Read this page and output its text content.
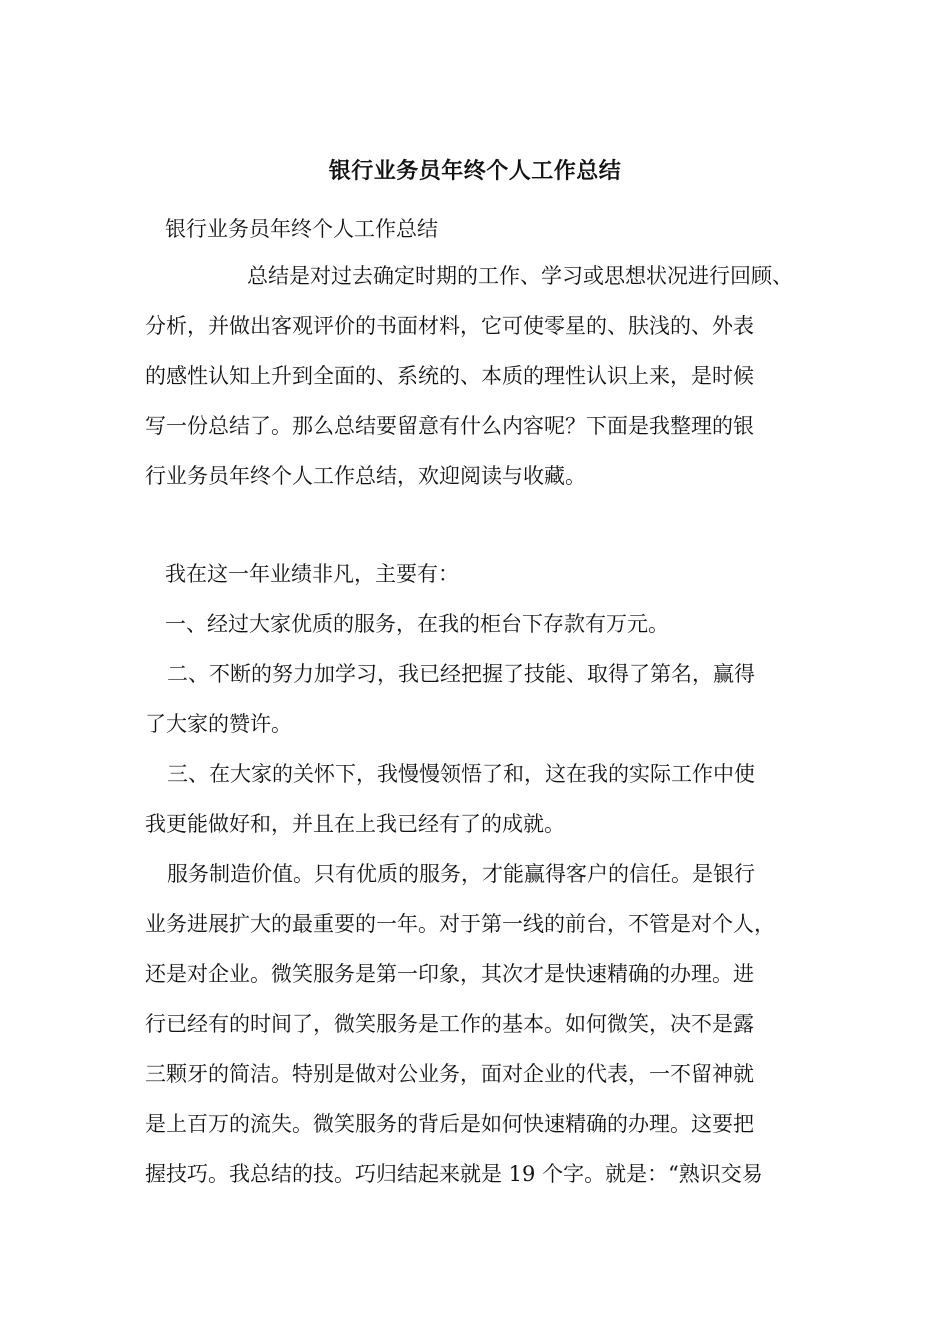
银行业务员年终个人工作总结
银行业务员年终个人工作总结
总结是对过去确定时期的工作、学习或思想状况进行回顾、
分析，并做出客观评价的书面材料，它可使零星的、肤浅的、外表
的感性认知上升到全面的、系统的、本质的理性认识上来，是时候
写一份总结了。那么总结要留意有什么内容呢？下面是我整理的银
行业务员年终个人工作总结，欢迎阅读与收藏。
我在这一年业绩非凡，主要有：
一、经过大家优质的服务，在我的柜台下存款有万元。
二、不断的努力加学习，我已经把握了技能、取得了第名，赢得
了大家的赞许。
三、在大家的关怀下，我慢慢领悟了和，这在我的实际工作中使
我更能做好和，并且在上我已经有了的成就。
服务制造价值。只有优质的服务，才能赢得客户的信任。是银行
业务进展扩大的最重要的一年。对于第一线的前台，不管是对个人，
还是对企业。微笑服务是第一印象，其次才是快速精确的办理。进
行已经有的时间了，微笑服务是工作的基本。如何微笑，决不是露
三颗牙的简洁。特别是做对公业务，面对企业的代表，一不留神就
是上百万的流失。微笑服务的背后是如何快速精确的办理。这要把
握技巧。我总结的技。巧归结起来就是 19 个字。就是：“熟识交易
